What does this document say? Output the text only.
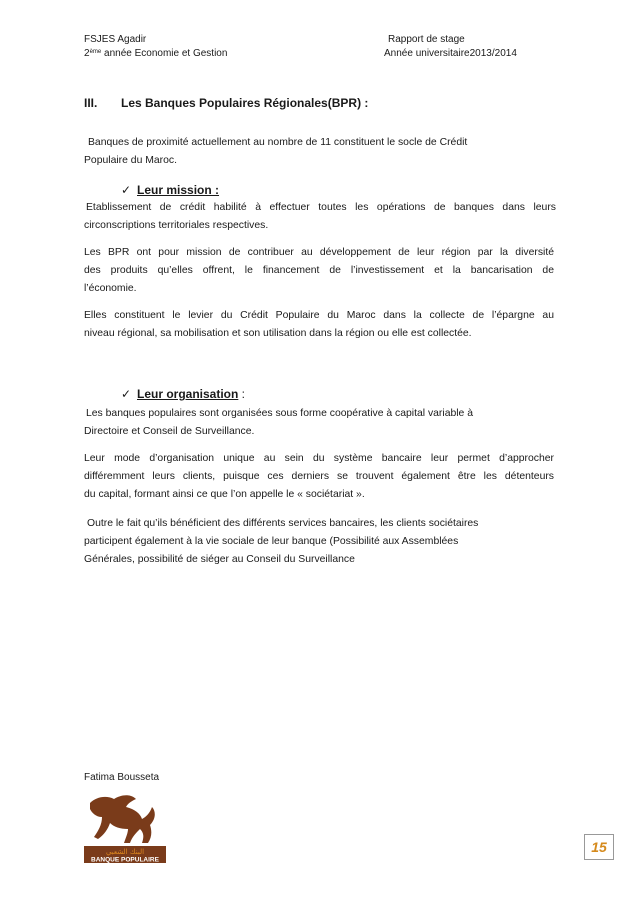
FSJES Agadir
2ème année Economie et Gestion
Rapport de stage
Année universitaire2013/2014
III. Les Banques Populaires Régionales(BPR) :
Banques de proximité actuellement au nombre de 11 constituent le socle de Crédit
Populaire du Maroc.
✓ Leur mission :
Etablissement de crédit habilité à effectuer toutes les opérations de banques dans leurs
circonscriptions territoriales respectives.
Les BPR ont pour mission de contribuer au développement de leur région par la diversité
des produits qu’elles offrent, le financement de l’investissement et la bancarisation de
l’économie.
Elles constituent le levier du Crédit Populaire du Maroc dans la collecte de l’épargne au
niveau régional, sa mobilisation et son utilisation dans la région ou elle est collectée.
✓ Leur organisation :
Les banques populaires sont organisées sous forme coopérative à capital variable à
Directoire et Conseil de Surveillance.
Leur mode d’organisation unique au sein du système bancaire leur permet d’approcher
différemment leurs clients, puisque ces derniers se trouvent également être les détenteurs
du capital, formant ainsi ce que l’on appelle le « sociétariat ».
Outre le fait qu’ils bénéficient des différents services bancaires, les clients sociétaires
participent également à la vie sociale de leur banque (Possibilité aux Assemblées
Générales, possibilité de siéger au Conseil du Surveillance
Fatima Bousseta
البنك الشعبي
BANQUE POPULAIRE
15
